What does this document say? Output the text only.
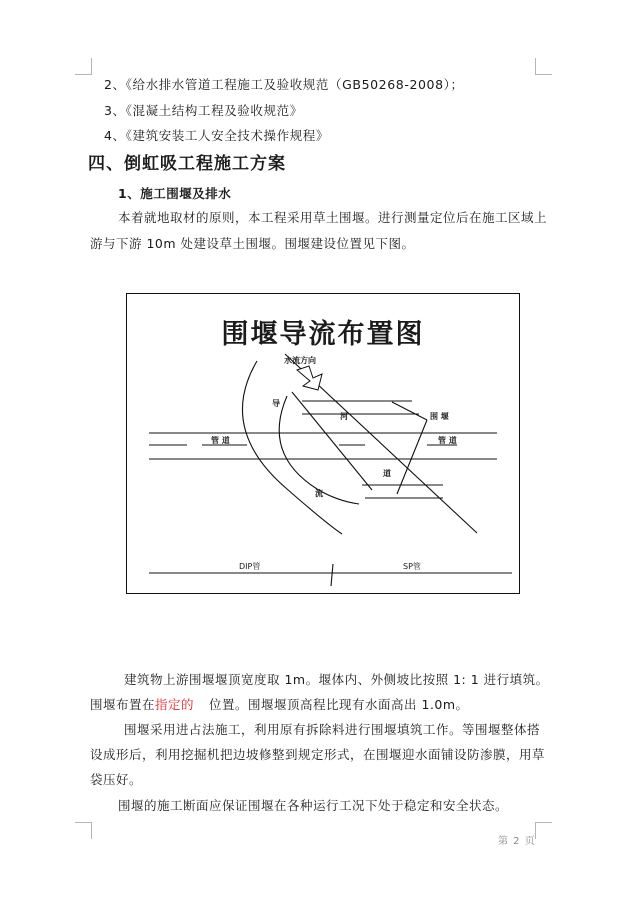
2、《给水排水管道工程施工及验收规范（GB50268-2008）；
3、《混凝土结构工程及验收规范》
4、《建筑安装工人安全技术操作规程》
四、倒虹吸工程施工方案
1、施工围堰及排水
本着就地取材的原则，本工程采用草土围堰。进行测量定位后在施工区域上
游与下游 10m 处建设草土围堰。围堰建设位置见下图。
围堰导流布置图
水流方向
导
河	围 堰
管 道	管 道
道
流
DIP管	SP管
建筑物上游围堰堰顶宽度取 1m。堰体内、外侧坡比按照 1: 1 进行填筑。
围堰布置在指定的 位置。围堰堰顶高程比现有水面高出 1.0m。
围堰采用进占法施工，利用原有拆除料进行围堰填筑工作。等围堰整体搭
设成形后，利用挖掘机把边坡修整到规定形式，在围堰迎水面铺设防渗膜，用草
袋压好。
围堰的施工断面应保证围堰在各种运行工况下处于稳定和安全状态。
第 2 页
